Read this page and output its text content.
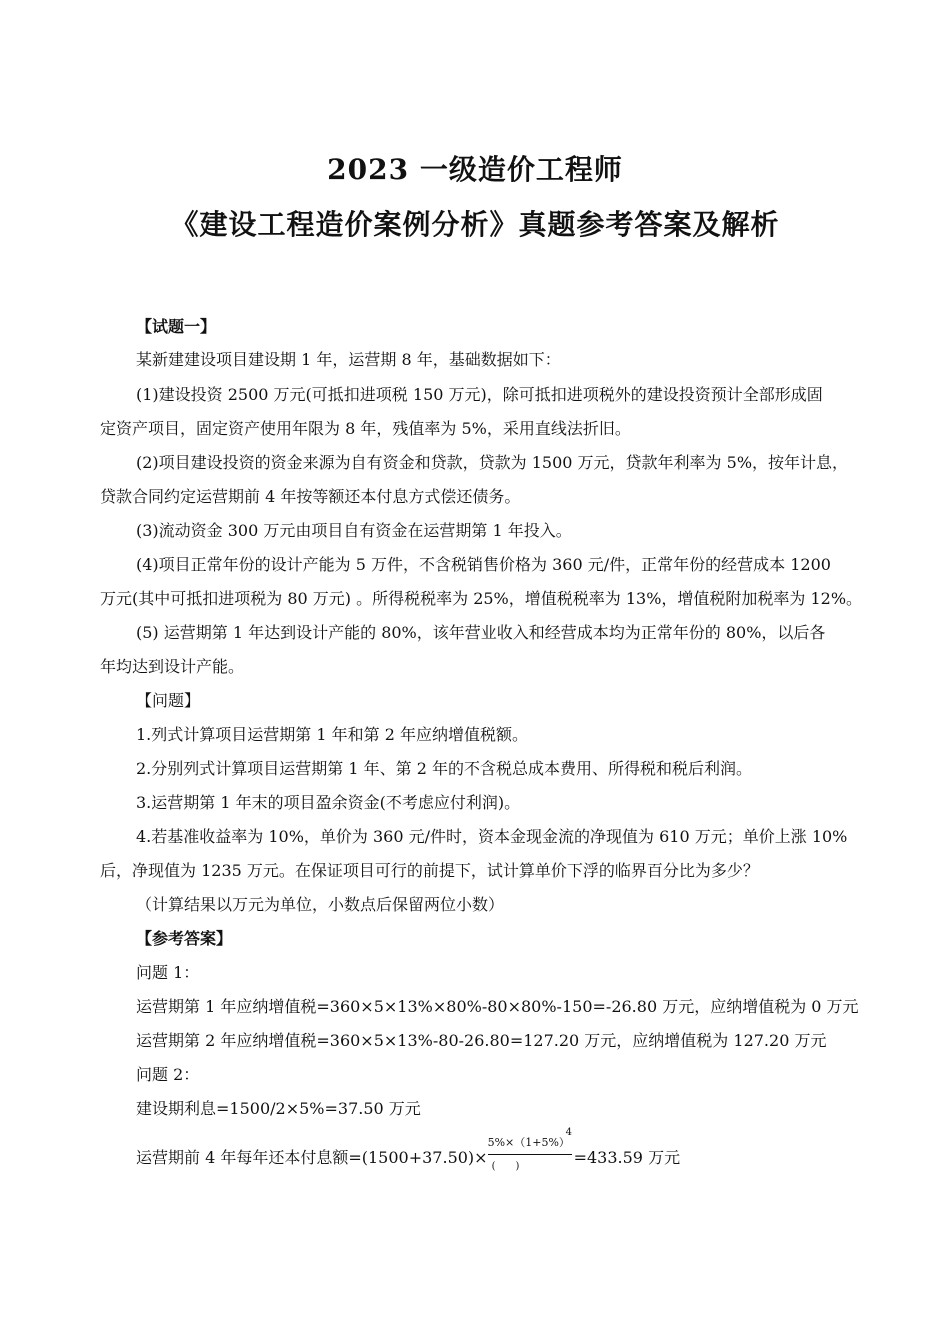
2023 一级造价工程师
《建设工程造价案例分析》真题参考答案及解析
【试题一】
某新建建设项目建设期 1 年，运营期 8 年，基础数据如下：
(1)建设投资 2500 万元(可抵扣进项税 150 万元)，除可抵扣进项税外的建设投资预计全部形成固
定资产项目，固定资产使用年限为 8 年，残值率为 5%，采用直线法折旧。
(2)项目建设投资的资金来源为自有资金和贷款，贷款为 1500 万元，贷款年利率为 5%，按年计息，
贷款合同约定运营期前 4 年按等额还本付息方式偿还债务。
(3)流动资金 300 万元由项目自有资金在运营期第 1 年投入。
(4)项目正常年份的设计产能为 5 万件，不含税销售价格为 360 元/件，正常年份的经营成本 1200
万元(其中可抵扣进项税为 80 万元) 。所得税税率为 25%，增值税税率为 13%，增值税附加税率为 12%。
(5) 运营期第 1 年达到设计产能的 80%，该年营业收入和经营成本均为正常年份的 80%，以后各
年均达到设计产能。
【问题】
1.列式计算项目运营期第 1 年和第 2 年应纳增值税额。
2.分别列式计算项目运营期第 1 年、第 2 年的不含税总成本费用、所得税和税后利润。
3.运营期第 1 年末的项目盈余资金(不考虑应付利润)。
4.若基准收益率为 10%，单价为 360 元/件时，资本金现金流的净现值为 610 万元；单价上涨 10%
后，净现值为 1235 万元。在保证项目可行的前提下，试计算单价下浮的临界百分比为多少？
（计算结果以万元为单位，小数点后保留两位小数）
【参考答案】
问题 1：
运营期第 1 年应纳增值税=360×5×13%×80%-80×80%-150=-26.80 万元，应纳增值税为 0 万元
运营期第 2 年应纳增值税=360×5×13%-80-26.80=127.20 万元，应纳增值税为 127.20 万元
问题 2：
建设期利息=1500/2×5%=37.50 万元
运营期前 4 年每年还本付息额=(1500+37.50)×
5%×（1+5%）
4
(　　)	=433.59 万元
